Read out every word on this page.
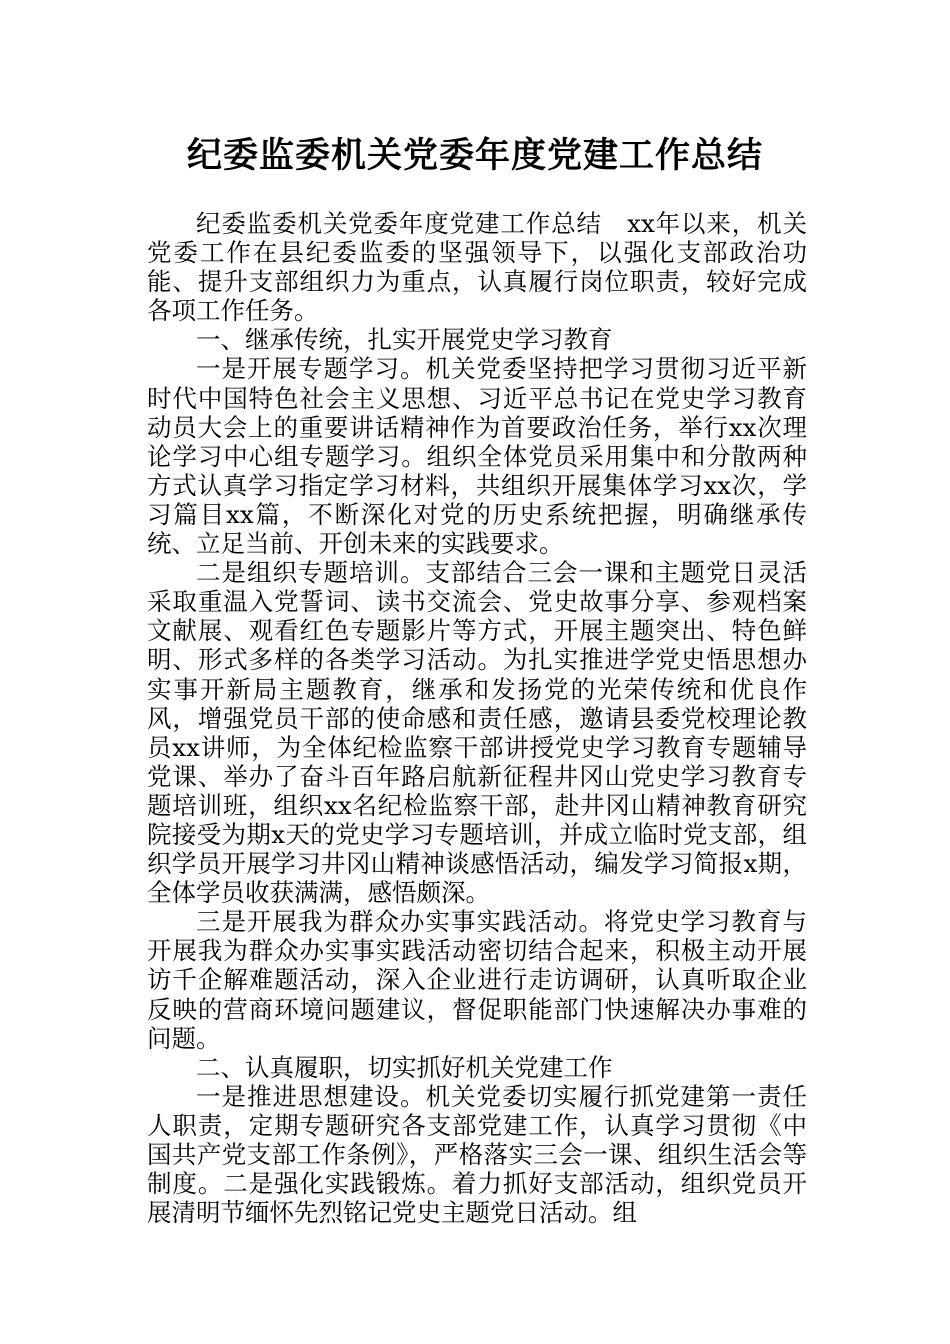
纪委监委机关党委年度党建工作总结

纪委监委机关党委年度党建工作总结　xx年以来，机关党委工作在县纪委监委的坚强领导下，以强化支部政治功能、提升支部组织力为重点，认真履行岗位职责，较好完成各项工作任务。

一、继承传统，扎实开展党史学习教育

一是开展专题学习。机关党委坚持把学习贯彻习近平新时代中国特色社会主义思想、习近平总书记在党史学习教育动员大会上的重要讲话精神作为首要政治任务，举行xx次理论学习中心组专题学习。组织全体党员采用集中和分散两种方式认真学习指定学习材料，共组织开展集体学习xx次，学习篇目xx篇，不断深化对党的历史系统把握，明确继承传统、立足当前、开创未来的实践要求。

二是组织专题培训。支部结合三会一课和主题党日灵活采取重温入党誓词、读书交流会、党史故事分享、参观档案文献展、观看红色专题影片等方式，开展主题突出、特色鲜明、形式多样的各类学习活动。为扎实推进学党史悟思想办实事开新局主题教育，继承和发扬党的光荣传统和优良作风，增强党员干部的使命感和责任感，邀请县委党校理论教员xx讲师，为全体纪检监察干部讲授党史学习教育专题辅导党课、举办了奋斗百年路启航新征程井冈山党史学习教育专题培训班，组织xx名纪检监察干部，赴井冈山精神教育研究院接受为期x天的党史学习专题培训，并成立临时党支部，组织学员开展学习井冈山精神谈感悟活动，编发学习简报x期，全体学员收获满满，感悟颇深。

三是开展我为群众办实事实践活动。将党史学习教育与开展我为群众办实事实践活动密切结合起来，积极主动开展访千企解难题活动，深入企业进行走访调研，认真听取企业反映的营商环境问题建议，督促职能部门快速解决办事难的问题。

二、认真履职，切实抓好机关党建工作

一是推进思想建设。机关党委切实履行抓党建第一责任人职责，定期专题研究各支部党建工作，认真学习贯彻《中国共产党支部工作条例》，严格落实三会一课、组织生活会等制度。二是强化实践锻炼。着力抓好支部活动，组织党员开展清明节缅怀先烈铭记党史主题党日活动。组
